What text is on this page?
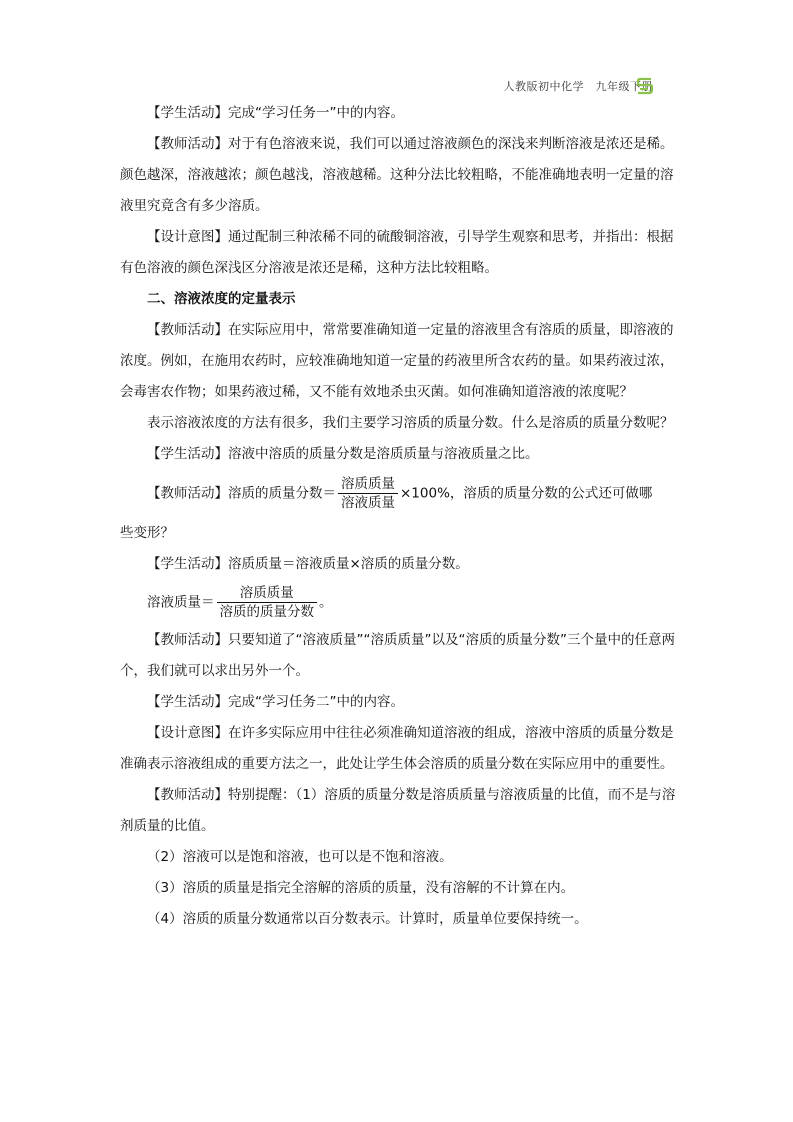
人教版初中化学　九年级下册

【学生活动】完成“学习任务一”中的内容。

【教师活动】对于有色溶液来说，我们可以通过溶液颜色的深浅来判断溶液是浓还是稀。颜色越深，溶液越浓；颜色越浅，溶液越稀。这种分法比较粗略，不能准确地表明一定量的溶液里究竟含有多少溶质。

【设计意图】通过配制三种浓稀不同的硫酸铜溶液，引导学生观察和思考，并指出：根据有色溶液的颜色深浅区分溶液是浓还是稀，这种方法比较粗略。

二、溶液浓度的定量表示

【教师活动】在实际应用中，常常要准确知道一定量的溶液里含有溶质的质量，即溶液的浓度。例如，在施用农药时，应较准确地知道一定量的药液里所含农药的量。如果药液过浓，会毒害农作物；如果药液过稀，又不能有效地杀虫灭菌。如何准确知道溶液的浓度呢？

表示溶液浓度的方法有很多，我们主要学习溶质的质量分数。什么是溶质的质量分数呢？

【学生活动】溶液中溶质的质量分数是溶质质量与溶液质量之比。

【教师活动】溶质的质量分数＝ $\frac{\text{溶质质量}}{\text{溶液质量}} \times 100\%$，溶质的质量分数的公式还可做哪

些变形？

【学生活动】溶质质量＝溶液质量×溶质的质量分数。

溶液质量＝ $\frac{\text{溶质质量}}{\text{溶质的质量分数}}$ 。

【教师活动】只要知道了“溶液质量”“溶质质量”以及“溶质的质量分数”三个量中的任意两个，我们就可以求出另外一个。

【学生活动】完成“学习任务二”中的内容。

【设计意图】在许多实际应用中往往必须准确知道溶液的组成，溶液中溶质的质量分数是准确表示溶液组成的重要方法之一，此处让学生体会溶质的质量分数在实际应用中的重要性。

【教师活动】特别提醒：（1）溶质的质量分数是溶质质量与溶液质量的比值，而不是与溶剂质量的比值。

（2）溶液可以是饱和溶液，也可以是不饱和溶液。

（3）溶质的质量是指完全溶解的溶质的质量，没有溶解的不计算在内。

（4）溶质的质量分数通常以百分数表示。计算时，质量单位要保持统一。
